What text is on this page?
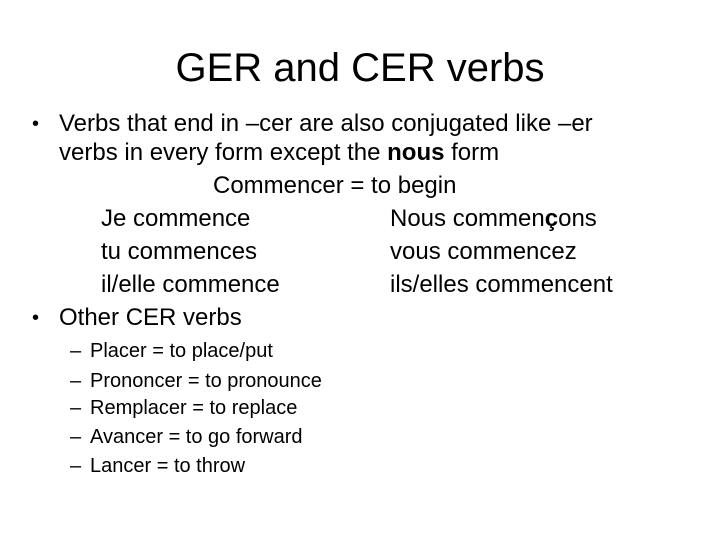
GER and CER verbs
• Verbs that end in –cer are also conjugated like –er
verbs in every form except the nous form
Commencer = to begin
Je commence	Nous commençons
tu commences	vous commencez
il/elle commence	ils/elles commencent
• Other CER verbs
– Placer = to place/put
– Prononcer = to pronounce
– Remplacer = to replace
– Avancer = to go forward
– Lancer = to throw
